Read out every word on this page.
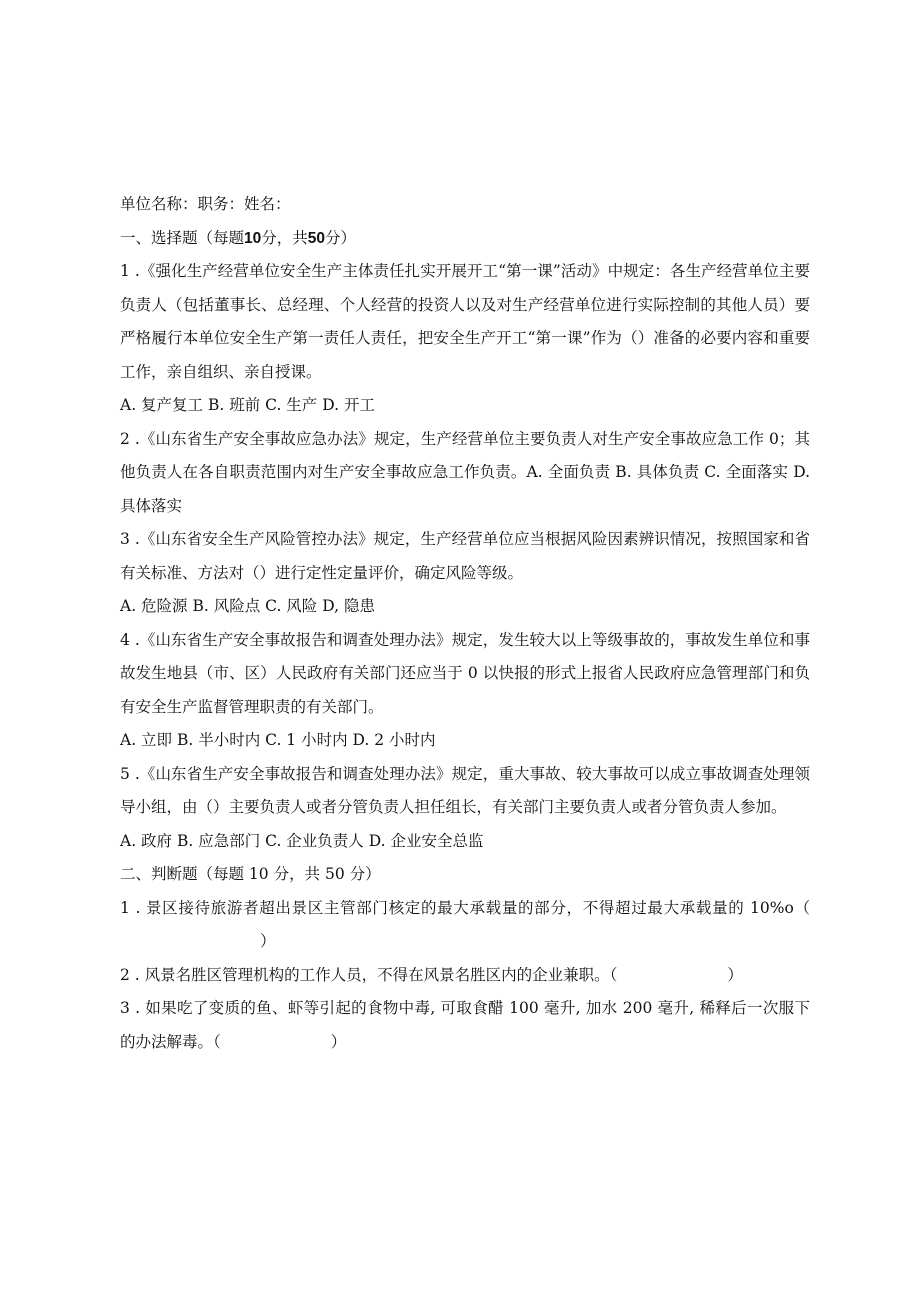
单位名称：职务：姓名：

一、选择题（每题10分，共50分）

1 .《强化生产经营单位安全生产主体责任扎实开展开工“第一课”活动》中规定：各生产经营单位主要负责人（包括董事长、总经理、个人经营的投资人以及对生产经营单位进行实际控制的其他人员）要严格履行本单位安全生产第一责任人责任，把安全生产开工“第一课”作为（）准备的必要内容和重要工作，亲自组织、亲自授课。

A. 复产复工 B. 班前 C. 生产 D. 开工

2 .《山东省生产安全事故应急办法》规定，生产经营单位主要负责人对生产安全事故应急工作 0；其他负责人在各自职责范围内对生产安全事故应急工作负责。A. 全面负责 B. 具体负责 C. 全面落实 D. 具体落实

3 .《山东省安全生产风险管控办法》规定，生产经营单位应当根据风险因素辨识情况，按照国家和省有关标准、方法对（）进行定性定量评价，确定风险等级。

A. 危险源 B. 风险点 C. 风险 D, 隐患

4 .《山东省生产安全事故报告和调查处理办法》规定，发生较大以上等级事故的，事故发生单位和事故发生地县（市、区）人民政府有关部门还应当于 0 以快报的形式上报省人民政府应急管理部门和负有安全生产监督管理职责的有关部门。

A. 立即 B. 半小时内 C. 1 小时内 D. 2 小时内

5 .《山东省生产安全事故报告和调查处理办法》规定，重大事故、较大事故可以成立事故调查处理领导小组，由（）主要负责人或者分管负责人担任组长，有关部门主要负责人或者分管负责人参加。

A. 政府 B. 应急部门 C. 企业负责人 D. 企业安全总监

二、判断题（每题 10 分，共 50 分）

1 . 景区接待旅游者超出景区主管部门核定的最大承载量的部分，不得超过最大承载量的 10%o（）

2 . 风景名胜区管理机构的工作人员，不得在风景名胜区内的企业兼职。（	）

3 . 如果吃了变质的鱼、虾等引起的食物中毒, 可取食醋 100 毫升, 加水 200 毫升, 稀释后一次服下的办法解毒。（	）
